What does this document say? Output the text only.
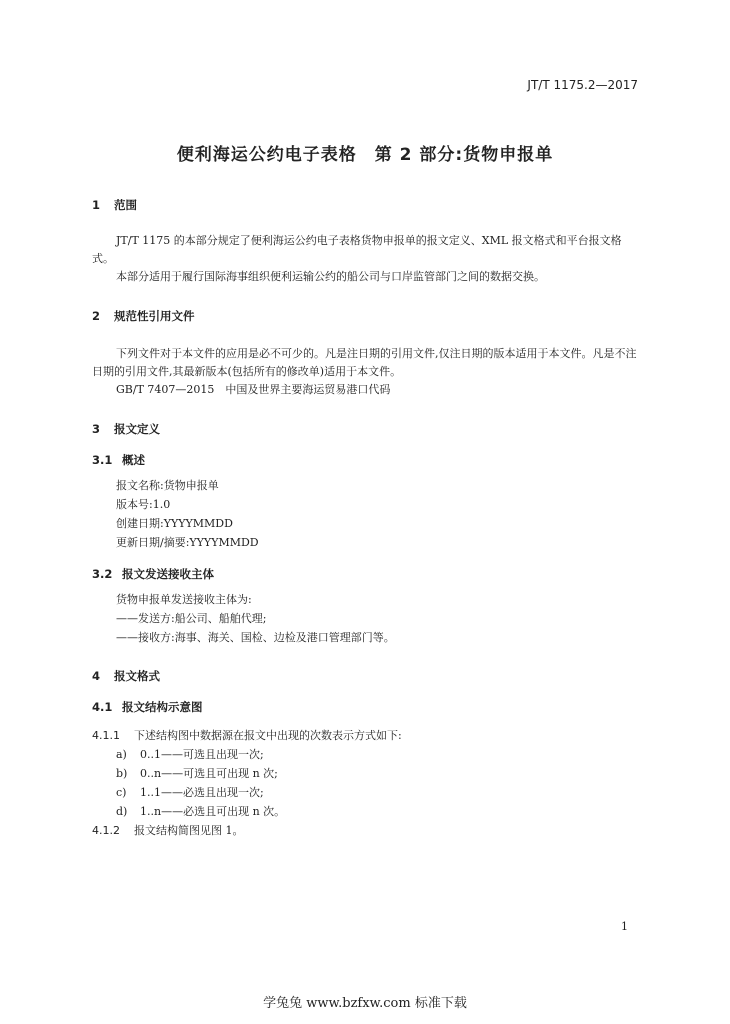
JT/T 1175.2—2017
便利海运公约电子表格　第 2 部分:货物申报单
1 范围
JT/T 1175 的本部分规定了便利海运公约电子表格货物申报单的报文定义、XML 报文格式和平台报文格式。
本部分适用于履行国际海事组织便利运输公约的船公司与口岸监管部门之间的数据交换。
2 规范性引用文件
下列文件对于本文件的应用是必不可少的。凡是注日期的引用文件,仅注日期的版本适用于本文件。凡是不注日期的引用文件,其最新版本(包括所有的修改单)适用于本文件。
GB/T 7407—2015　中国及世界主要海运贸易港口代码
3 报文定义
3.1 概述
报文名称:货物申报单
版本号:1.0
创建日期:YYYYMMDD
更新日期/摘要:YYYYMMDD
3.2 报文发送接收主体
货物申报单发送接收主体为:
——发送方:船公司、船舶代理;
——接收方:海事、海关、国检、边检及港口管理部门等。
4 报文格式
4.1 报文结构示意图
4.1.1 下述结构图中数据源在报文中出现的次数表示方式如下:
a) 0..1——可选且出现一次;
b) 0..n——可选且可出现 n 次;
c) 1..1——必选且出现一次;
d) 1..n——必选且可出现 n 次。
4.1.2 报文结构简图见图 1。
1
学兔兔 www.bzfxw.com 标准下载
